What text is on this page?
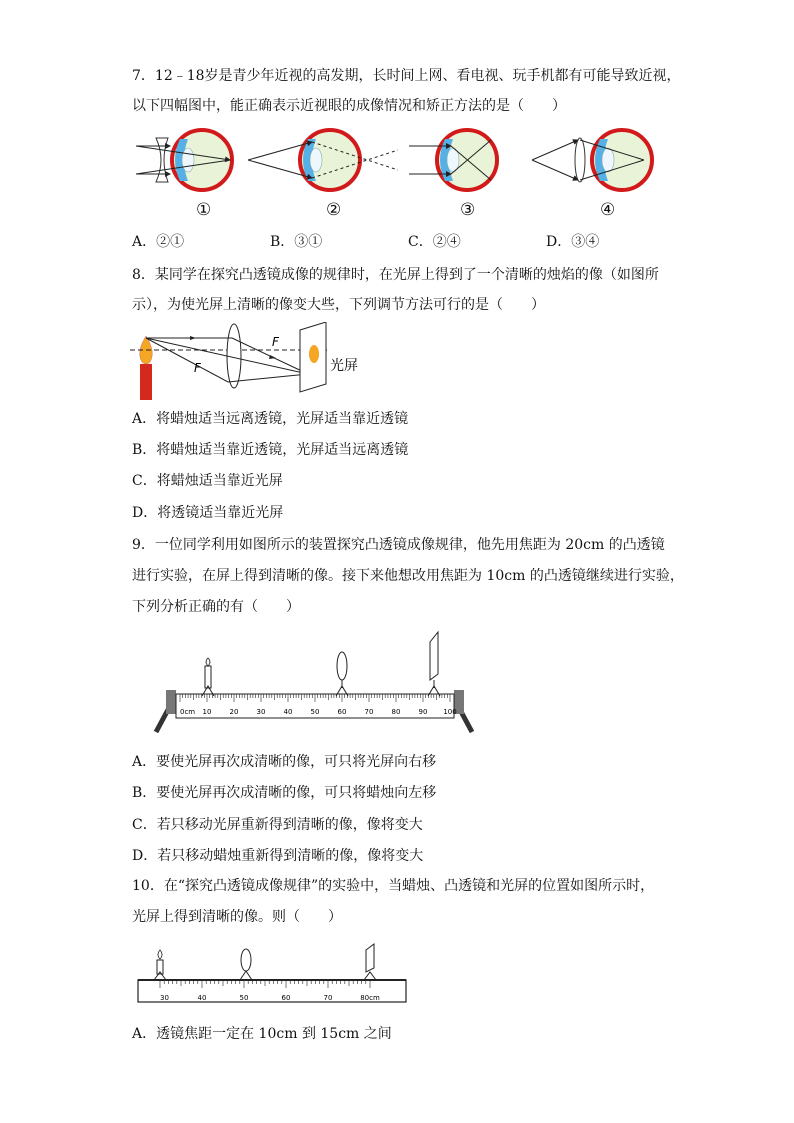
7．12﹣18岁是青少年近视的高发期，长时间上网、看电视、玩手机都有可能导致近视，
以下四幅图中，能正确表示近视眼的成像情况和矫正方法的是（　　）
①	②	③	④
A．②①	B．③①	C．②④	D．③④
8．某同学在探究凸透镜成像的规律时，在光屏上得到了一个清晰的烛焰的像（如图所
示），为使光屏上清晰的像变大些，下列调节方法可行的是（　　）
F
F	光屏
A．将蜡烛适当远离透镜，光屏适当靠近透镜
B．将蜡烛适当靠近透镜，光屏适当远离透镜
C．将蜡烛适当靠近光屏
D．将透镜适当靠近光屏
9．一位同学利用如图所示的装置探究凸透镜成像规律，他先用焦距为 20cm 的凸透镜
进行实验，在屏上得到清晰的像。接下来他想改用焦距为 10cm 的凸透镜继续进行实验，
下列分析正确的有（　　）
0cm 10	20	30	40	50	60	70	80	90 100
A．要使光屏再次成清晰的像，可只将光屏向右移
B．要使光屏再次成清晰的像，可只将蜡烛向左移
C．若只移动光屏重新得到清晰的像，像将变大
D．若只移动蜡烛重新得到清晰的像，像将变大
10．在“探究凸透镜成像规律”的实验中，当蜡烛、凸透镜和光屏的位置如图所示时，
光屏上得到清晰的像。则（　　）
30	40	50	60	70	80cm
A．透镜焦距一定在 10cm 到 15cm 之间
